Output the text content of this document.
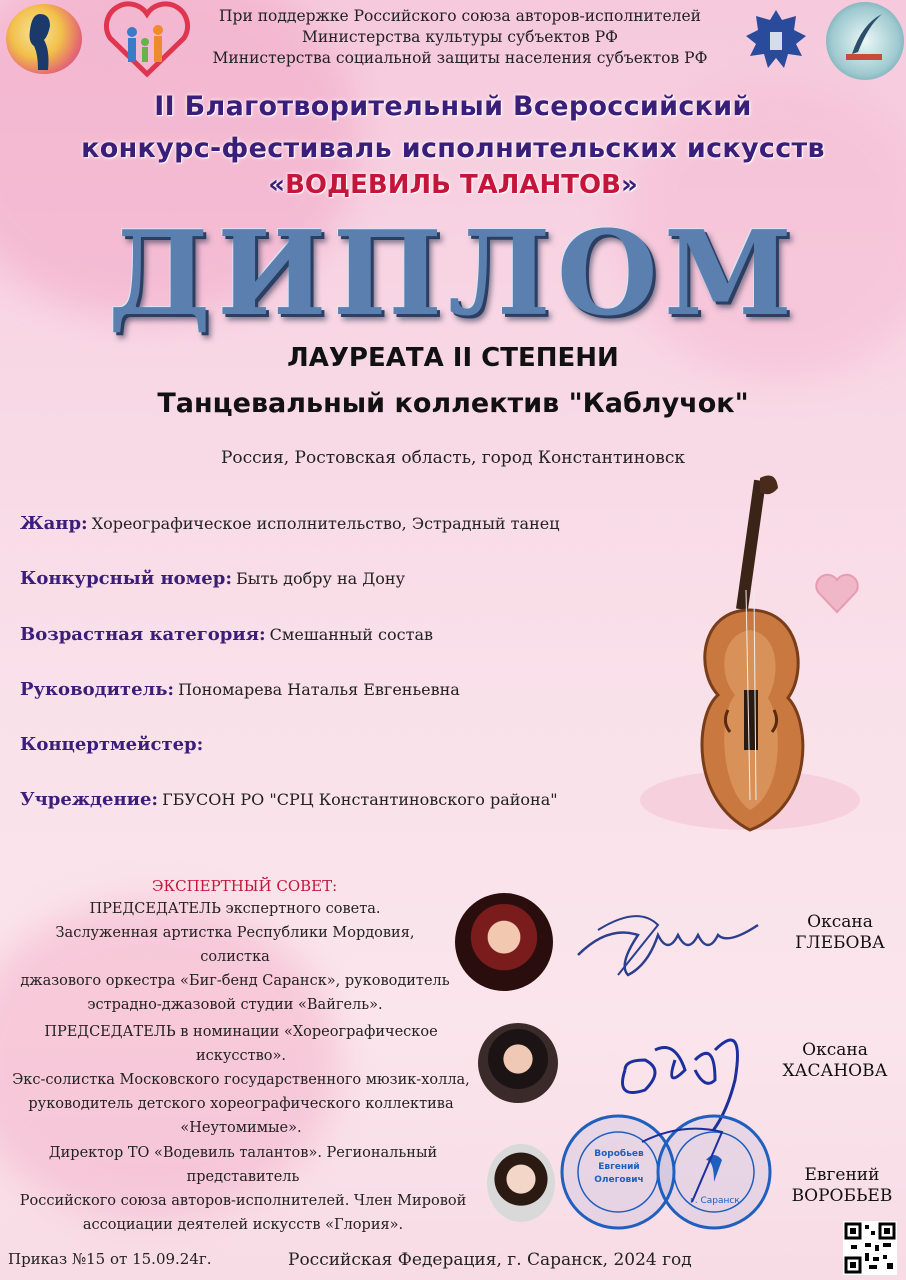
При поддержке Российского союза авторов-исполнителей
Министерства культуры субъектов РФ
Министерства социальной защиты населения субъектов РФ
II Благотворительный Всероссийский
конкурс-фестиваль исполнительских искусств
«ВОДЕВИЛЬ ТАЛАНТОВ»
ДИПЛОМ
ЛАУРЕАТА II СТЕПЕНИ
Танцевальный коллектив "Каблучок"
Россия, Ростовская область, город Константиновск
Жанр: Хореографическое исполнительство, Эстрадный танец
Конкурсный номер: Быть добру на Дону
Возрастная категория: Смешанный состав
Руководитель: Пономарева Наталья Евгеньевна
Концертмейстер:
Учреждение: ГБУСОН РО "СРЦ Константиновского района"
ЭКСПЕРТНЫЙ СОВЕТ:
ПРЕДСЕДАТЕЛЬ экспертного совета.
Заслуженная артистка Республики Мордовия, солистка
джазового оркестра «Биг-бенд Саранск», руководитель
эстрадно-джазовой студии «Вайгель».
Оксана
ГЛЕБОВА
ПРЕДСЕДАТЕЛЬ в номинации «Хореографическое искусство».
Экс-солистка Московского государственного мюзик-холла,
руководитель детского хореографического коллектива
«Неутомимые».
Оксана
ХАСАНОВА
Директор ТО «Водевиль талантов». Региональный представитель
Российского союза авторов-исполнителей. Член Мировой
ассоциации деятелей искусств «Глория».
Воробьев
Евгений
Олегович
г. Саранск
Евгений
ВОРОБЬЕВ
Приказ №15 от 15.09.24г.	Российская Федерация, г. Саранск, 2024 год
